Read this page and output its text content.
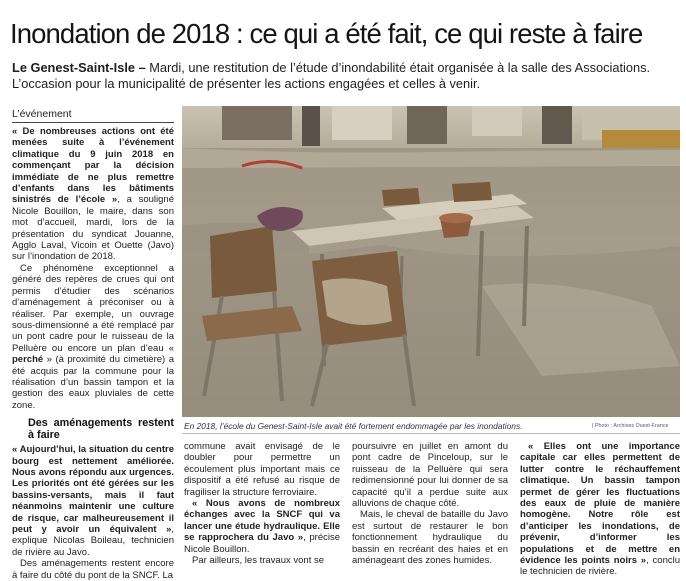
Inondation de 2018 : ce qui a été fait, ce qui reste à faire
Le Genest-Saint-Isle – Mardi, une restitution de l’étude d’inondabilité était organisée à la salle des Associations. L’occasion pour la municipalité de présenter les actions engagées et celles à venir.
L’événement

« De nombreuses actions ont été menées suite à l’événement climatique du 9 juin 2018 en commençant par la décision immédiate de ne plus remettre d’enfants dans les bâtiments sinistrés de l’école », a souligné Nicole Bouillon, le maire, dans son mot d’accueil, mardi, lors de la présentation du syndicat Jouanne, Agglo Laval, Vicoin et Ouette (Javo) sur l’inondation de 2018.

Ce phénomène exceptionnel a généré des repères de crues qui ont permis d’étudier des scénarios d’aménagement à préconiser ou à réaliser. Par exemple, un ouvrage sous-dimensionné a été remplacé par un pont cadre pour le ruisseau de la Pelluère ou encore un plan d’eau « perché » (à proximité du cimetière) a été acquis par la commune pour la réalisation d’un bassin tampon et la gestion des eaux pluviales de cette zone.

Des aménagements restent à faire

« Aujourd’hui, la situation du centre bourg est nettement améliorée. Nous avons répondu aux urgences. Les priorités ont été gérées sur les bassins-versants, mais il faut néanmoins maintenir une culture de risque, car malheureusement il peut y avoir un équivalent », explique Nicolas Boileau, technicien de rivière au Javo.

Des aménagements restent encore à faire du côté du pont de la SNCF. La

En 2018, l’école du Genest-Saint-Isle avait été fortement endommagée par les inondations.	| Photo : Archives Ouest-France

commune avait envisagé de le doubler pour permettre un écoulement plus important mais ce dispositif a été refusé au risque de fragiliser la structure ferroviaire.

« Nous avons de nombreux échanges avec la SNCF qui va lancer une étude hydraulique. Elle se rapprochera du Javo », précise Nicole Bouillon.

Par ailleurs, les travaux vont se

poursuivre en juillet en amont du pont cadre de Pinceloup, sur le ruisseau de la Pelluère qui sera redimensionné pour lui donner de sa capacité qu’il a perdue suite aux alluvions de chaque côté.

Mais, le cheval de bataille du Javo est surtout de restaurer le bon fonctionnement hydraulique du bassin en recréant des haies et en aménageant des zones humides.

« Elles ont une importance capitale car elles permettent de lutter contre le réchauffement climatique. Un bassin tampon permet de gérer les fluctuations des eaux de pluie de manière homogène. Notre rôle est d’anticiper les inondations, de prévenir, d’informer les populations et de mettre en évidence les points noirs », conclu le technicien de rivière.
